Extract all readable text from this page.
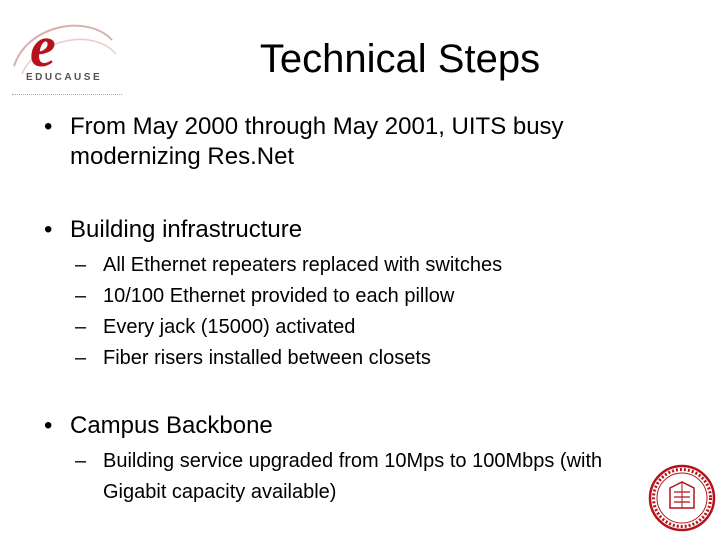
e
EDUCAUSE	Technical Steps
• From May 2000 through May 2001, UITS busy modernizing Res.Net
• Building infrastructure
– All Ethernet repeaters replaced with switches
– 10/100 Ethernet provided to each pillow
– Every jack (15000) activated
– Fiber risers installed between closets
• Campus Backbone
– Building service upgraded from 10Mps to 100Mbps (with Gigabit capacity available)
